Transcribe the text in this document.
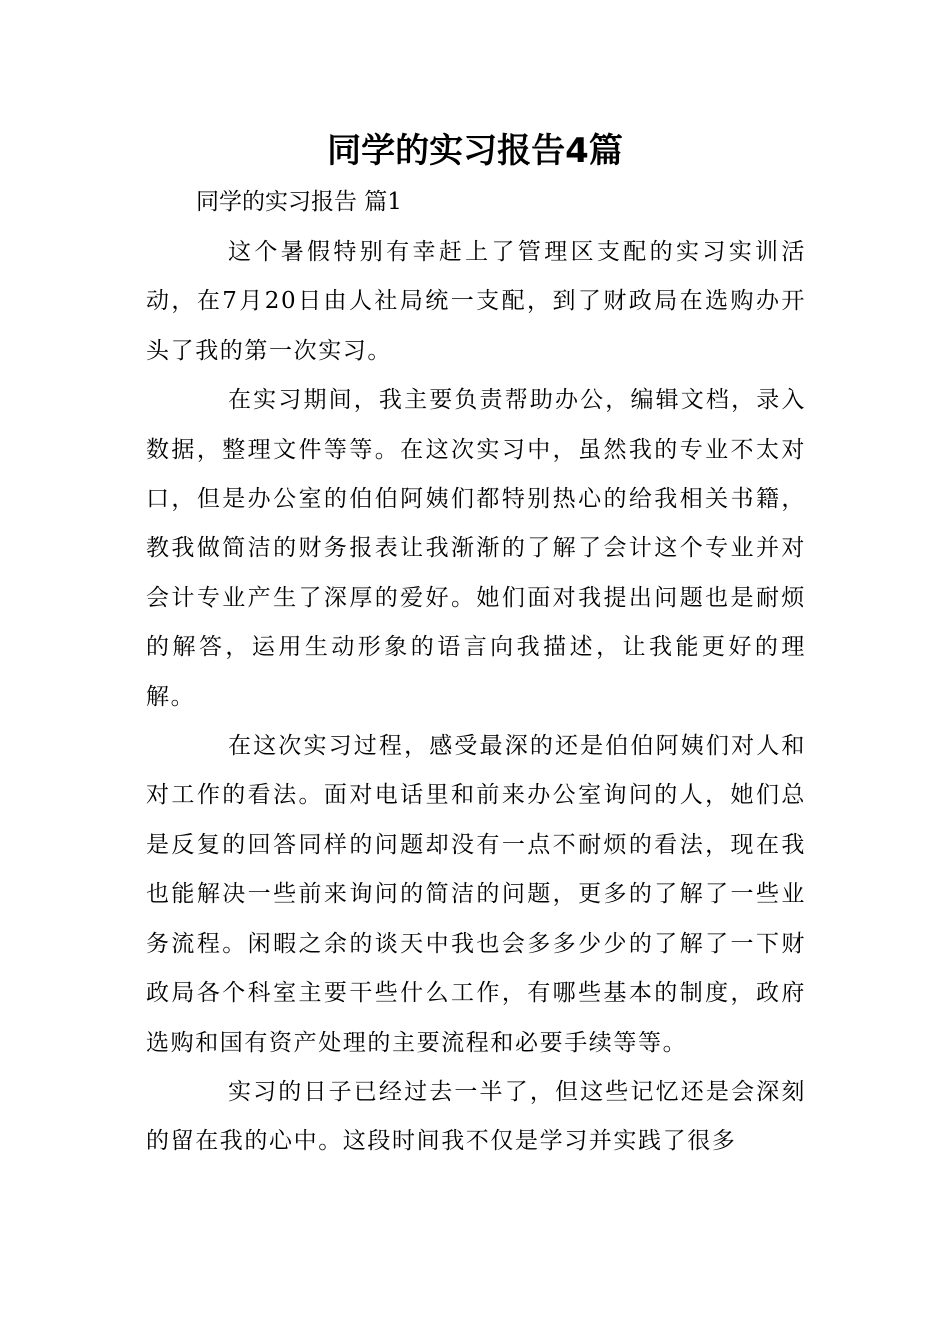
同学的实习报告4篇

同学的实习报告 篇1

这个暑假特别有幸赶上了管理区支配的实习实训活动，在7月20日由人社局统一支配，到了财政局在选购办开头了我的第一次实习。

在实习期间，我主要负责帮助办公，编辑文档，录入数据，整理文件等等。在这次实习中，虽然我的专业不太对口，但是办公室的伯伯阿姨们都特别热心的给我相关书籍，教我做简洁的财务报表让我渐渐的了解了会计这个专业并对会计专业产生了深厚的爱好。她们面对我提出问题也是耐烦的解答，运用生动形象的语言向我描述，让我能更好的理解。

在这次实习过程，感受最深的还是伯伯阿姨们对人和对工作的看法。面对电话里和前来办公室询问的人，她们总是反复的回答同样的问题却没有一点不耐烦的看法，现在我也能解决一些前来询问的简洁的问题，更多的了解了一些业务流程。闲暇之余的谈天中我也会多多少少的了解了一下财政局各个科室主要干些什么工作，有哪些基本的制度，政府选购和国有资产处理的主要流程和必要手续等等。

实习的日子已经过去一半了，但这些记忆还是会深刻的留在我的心中。这段时间我不仅是学习并实践了很多
